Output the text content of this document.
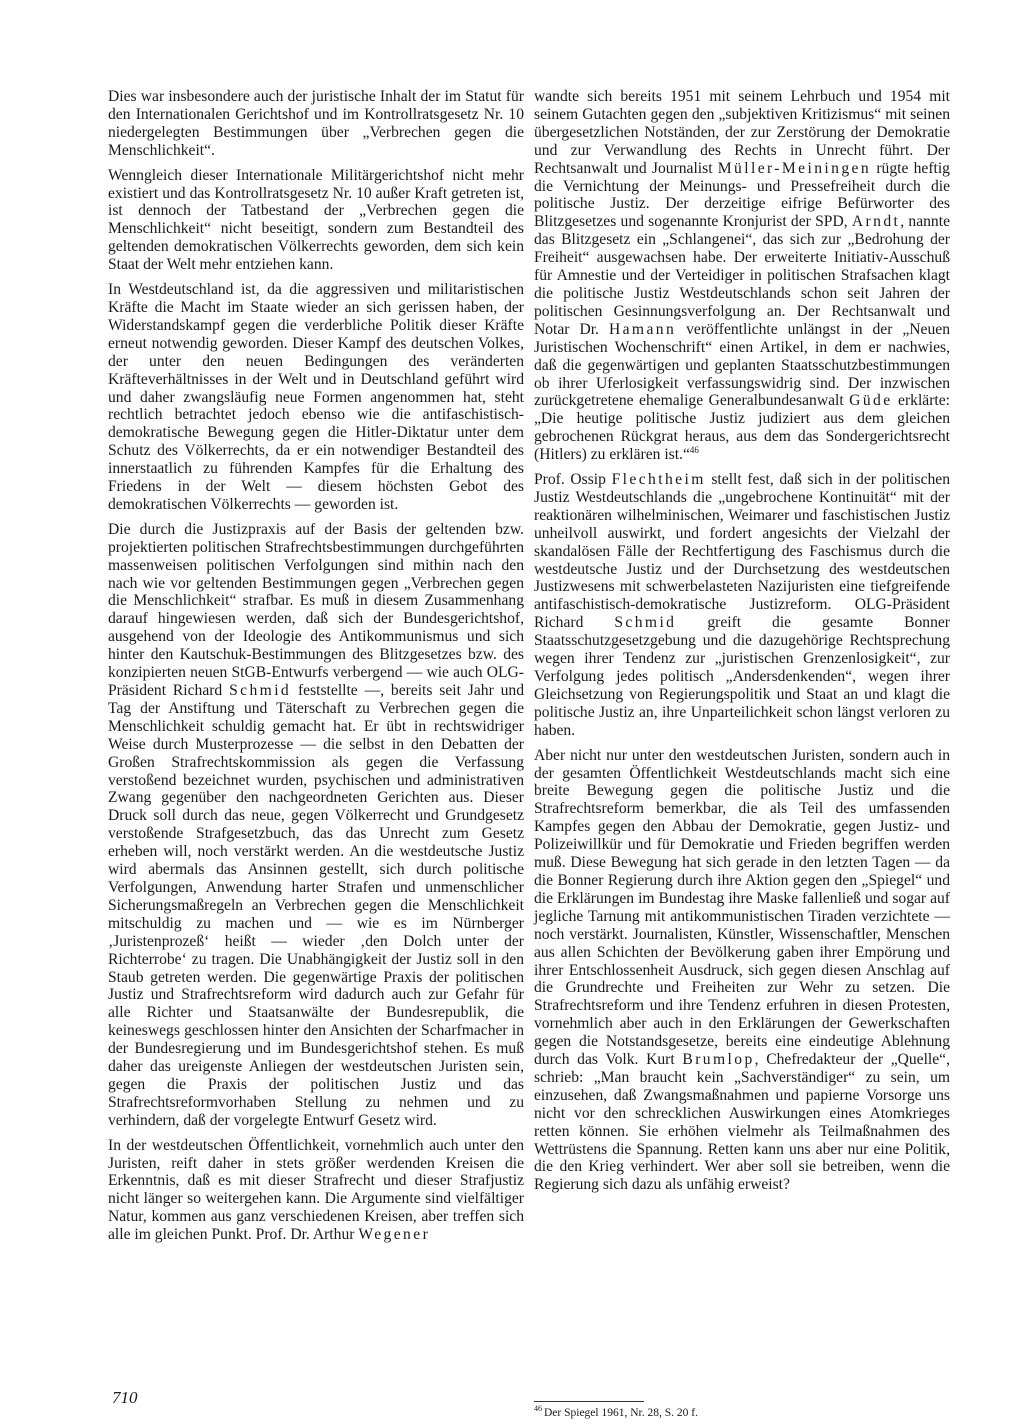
Dies war insbesondere auch der juristische Inhalt der im Statut für den Internationalen Gerichtshof und im Kontrollratsgesetz Nr. 10 niedergelegten Bestimmungen über „Verbrechen gegen die Menschlichkeit“.

Wenngleich dieser Internationale Militärgerichtshof nicht mehr existiert und das Kontrollratsgesetz Nr. 10 außer Kraft getreten ist, ist dennoch der Tatbestand der „Verbrechen gegen die Menschlichkeit“ nicht beseitigt, sondern zum Bestandteil des geltenden demokratischen Völkerrechts geworden, dem sich kein Staat der Welt mehr entziehen kann.

In Westdeutschland ist, da die aggressiven und militaristischen Kräfte die Macht im Staate wieder an sich gerissen haben, der Widerstandskampf gegen die verderbliche Politik dieser Kräfte erneut notwendig geworden. Dieser Kampf des deutschen Volkes, der unter den neuen Bedingungen des veränderten Kräfteverhältnisses in der Welt und in Deutschland geführt wird und daher zwangsläufig neue Formen angenommen hat, steht rechtlich betrachtet jedoch ebenso wie die antifaschistisch-demokratische Bewegung gegen die Hitler-Diktatur unter dem Schutz des Völkerrechts, da er ein notwendiger Bestandteil des innerstaatlich zu führenden Kampfes für die Erhaltung des Friedens in der Welt — diesem höchsten Gebot des demokratischen Völkerrechts — geworden ist.

Die durch die Justizpraxis auf der Basis der geltenden bzw. projektierten politischen Strafrechtsbestimmungen durchgeführten massenweisen politischen Verfolgungen sind mithin nach den nach wie vor geltenden Bestimmungen gegen „Verbrechen gegen die Menschlichkeit“ strafbar. Es muß in diesem Zusammenhang darauf hingewiesen werden, daß sich der Bundesgerichtshof, ausgehend von der Ideologie des Antikommunismus und sich hinter den Kautschuk-Bestimmungen des Blitzgesetzes bzw. des konzipierten neuen StGB-Entwurfs verbergend — wie auch OLG-Präsident Richard Schmid feststellte —, bereits seit Jahr und Tag der Anstiftung und Täterschaft zu Verbrechen gegen die Menschlichkeit schuldig gemacht hat. Er übt in rechtswidriger Weise durch Musterprozesse — die selbst in den Debatten der Großen Strafrechtskommission als gegen die Verfassung verstoßend bezeichnet wurden, psychischen und administrativen Zwang gegenüber den nachgeordneten Gerichten aus. Dieser Druck soll durch das neue, gegen Völkerrecht und Grundgesetz verstoßende Strafgesetzbuch, das das Unrecht zum Gesetz erheben will, noch verstärkt werden. An die westdeutsche Justiz wird abermals das Ansinnen gestellt, sich durch politische Verfolgungen, Anwendung harter Strafen und unmenschlicher Sicherungsmaßregeln an Verbrechen gegen die Menschlichkeit mitschuldig zu machen und — wie es im Nürnberger ‚Juristenprozeß‘ heißt — wieder ‚den Dolch unter der Richterrobe‘ zu tragen. Die Unabhängigkeit der Justiz soll in den Staub getreten werden. Die gegenwärtige Praxis der politischen Justiz und Strafrechtsreform wird dadurch auch zur Gefahr für alle Richter und Staatsanwälte der Bundesrepublik, die keineswegs geschlossen hinter den Ansichten der Scharfmacher in der Bundesregierung und im Bundesgerichtshof stehen. Es muß daher das ureigenste Anliegen der westdeutschen Juristen sein, gegen die Praxis der politischen Justiz und das Strafrechtsreformvorhaben Stellung zu nehmen und zu verhindern, daß der vorgelegte Entwurf Gesetz wird.

In der westdeutschen Öffentlichkeit, vornehmlich auch unter den Juristen, reift daher in stets größer werdenden Kreisen die Erkenntnis, daß es mit dieser Strafrecht und dieser Strafjustiz nicht länger so weitergehen kann. Die Argumente sind vielfältiger Natur, kommen aus ganz verschiedenen Kreisen, aber treffen sich alle im gleichen Punkt. Prof. Dr. Arthur Wegener

wandte sich bereits 1951 mit seinem Lehrbuch und 1954 mit seinem Gutachten gegen den „subjektiven Kritizismus“ mit seinen übergesetzlichen Notständen, der zur Zerstörung der Demokratie und zur Verwandlung des Rechts in Unrecht führt. Der Rechtsanwalt und Journalist Müller-Meiningen rügte heftig die Vernichtung der Meinungs- und Pressefreiheit durch die politische Justiz. Der derzeitige eifrige Befürworter des Blitzgesetzes und sogenannte Kronjurist der SPD, Arndt, nannte das Blitzgesetz ein „Schlangenei“, das sich zur „Bedrohung der Freiheit“ ausgewachsen habe. Der erweiterte Initiativ-Ausschuß für Amnestie und der Verteidiger in politischen Strafsachen klagt die politische Justiz Westdeutschlands schon seit Jahren der politischen Gesinnungsverfolgung an. Der Rechtsanwalt und Notar Dr. Hamann veröffentlichte unlängst in der „Neuen Juristischen Wochenschrift“ einen Artikel, in dem er nachwies, daß die gegenwärtigen und geplanten Staatsschutzbestimmungen ob ihrer Uferlosigkeit verfassungswidrig sind. Der inzwischen zurückgetretene ehemalige Generalbundesanwalt Güde erklärte: „Die heutige politische Justiz judiziert aus dem gleichen gebrochenen Rückgrat heraus, aus dem das Sondergerichtsrecht (Hitlers) zu erklären ist.“$^{46}$

Prof. Ossip Flechtheim stellt fest, daß sich in der politischen Justiz Westdeutschlands die „ungebrochene Kontinuität“ mit der reaktionären wilhelminischen, Weimarer und faschistischen Justiz unheilvoll auswirkt, und fordert angesichts der Vielzahl der skandalösen Fälle der Rechtfertigung des Faschismus durch die westdeutsche Justiz und der Durchsetzung des westdeutschen Justizwesens mit schwerbelasteten Nazijuristen eine tiefgreifende antifaschistisch-demokratische Justizreform. OLG-Präsident Richard Schmid greift die gesamte Bonner Staatsschutzgesetzgebung und die dazugehörige Rechtsprechung wegen ihrer Tendenz zur „juristischen Grenzenlosigkeit“, zur Verfolgung jedes politisch „Andersdenkenden“, wegen ihrer Gleichsetzung von Regierungspolitik und Staat an und klagt die politische Justiz an, ihre Unparteilichkeit schon längst verloren zu haben.

Aber nicht nur unter den westdeutschen Juristen, sondern auch in der gesamten Öffentlichkeit Westdeutschlands macht sich eine breite Bewegung gegen die politische Justiz und die Strafrechtsreform bemerkbar, die als Teil des umfassenden Kampfes gegen den Abbau der Demokratie, gegen Justiz- und Polizeiwillkür und für Demokratie und Frieden begriffen werden muß. Diese Bewegung hat sich gerade in den letzten Tagen — da die Bonner Regierung durch ihre Aktion gegen den „Spiegel“ und die Erklärungen im Bundestag ihre Maske fallenließ und sogar auf jegliche Tarnung mit antikommunistischen Tiraden verzichtete — noch verstärkt. Journalisten, Künstler, Wissenschaftler, Menschen aus allen Schichten der Bevölkerung gaben ihrer Empörung und ihrer Entschlossenheit Ausdruck, sich gegen diesen Anschlag auf die Grundrechte und Freiheiten zur Wehr zu setzen. Die Strafrechtsreform und ihre Tendenz erfuhren in diesen Protesten, vornehmlich aber auch in den Erklärungen der Gewerkschaften gegen die Notstandsgesetze, bereits eine eindeutige Ablehnung durch das Volk. Kurt Brumlop, Chefredakteur der „Quelle“, schrieb: „Man braucht kein „Sachverständiger“ zu sein, um einzusehen, daß Zwangsmaßnahmen und papierne Vorsorge uns nicht vor den schrecklichen Auswirkungen eines Atomkrieges retten können. Sie erhöhen vielmehr als Teilmaßnahmen des Wettrüstens die Spannung. Retten kann uns aber nur eine Politik, die den Krieg verhindert. Wer aber soll sie betreiben, wenn die Regierung sich dazu als unfähig erweist?

$^{46}$ Der Spiegel 1961, Nr. 28, S. 20 f.
710
